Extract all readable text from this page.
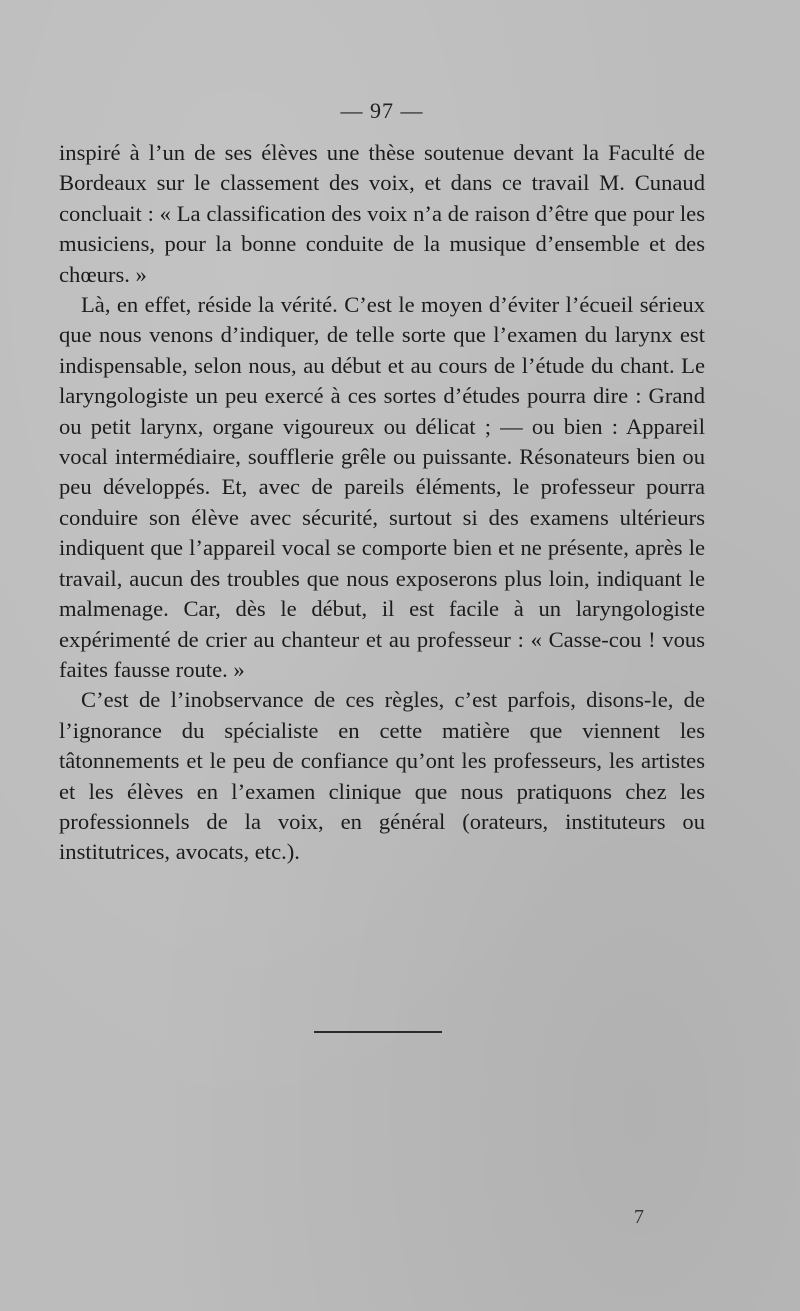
— 97 —

inspiré à l’un de ses élèves une thèse soutenue devant la Faculté de Bordeaux sur le classement des voix, et dans ce travail M. Cunaud concluait : « La classification des voix n’a de raison d’être que pour les musiciens, pour la bonne conduite de la musique d’ensemble et des chœurs. »

Là, en effet, réside la vérité. C’est le moyen d’éviter l’écueil sérieux que nous venons d’indiquer, de telle sorte que l’examen du larynx est indispensable, selon nous, au début et au cours de l’étude du chant. Le laryngologiste un peu exercé à ces sortes d’études pourra dire : Grand ou petit larynx, organe vigoureux ou délicat ; — ou bien : Appareil vocal intermédiaire, soufflerie grêle ou puissante. Résonateurs bien ou peu développés. Et, avec de pareils éléments, le professeur pourra conduire son élève avec sécurité, surtout si des examens ultérieurs indiquent que l’appareil vocal se comporte bien et ne présente, après le travail, aucun des troubles que nous exposerons plus loin, indiquant le malmenage. Car, dès le début, il est facile à un laryngologiste expérimenté de crier au chanteur et au professeur : « Casse-cou ! vous faites fausse route. »

C’est de l’inobservance de ces règles, c’est parfois, disons-le, de l’ignorance du spécialiste en cette matière que viennent les tâtonnements et le peu de confiance qu’ont les professeurs, les artistes et les élèves en l’examen clinique que nous pratiquons chez les professionnels de la voix, en général (orateurs, instituteurs ou institutrices, avocats, etc.).

7
